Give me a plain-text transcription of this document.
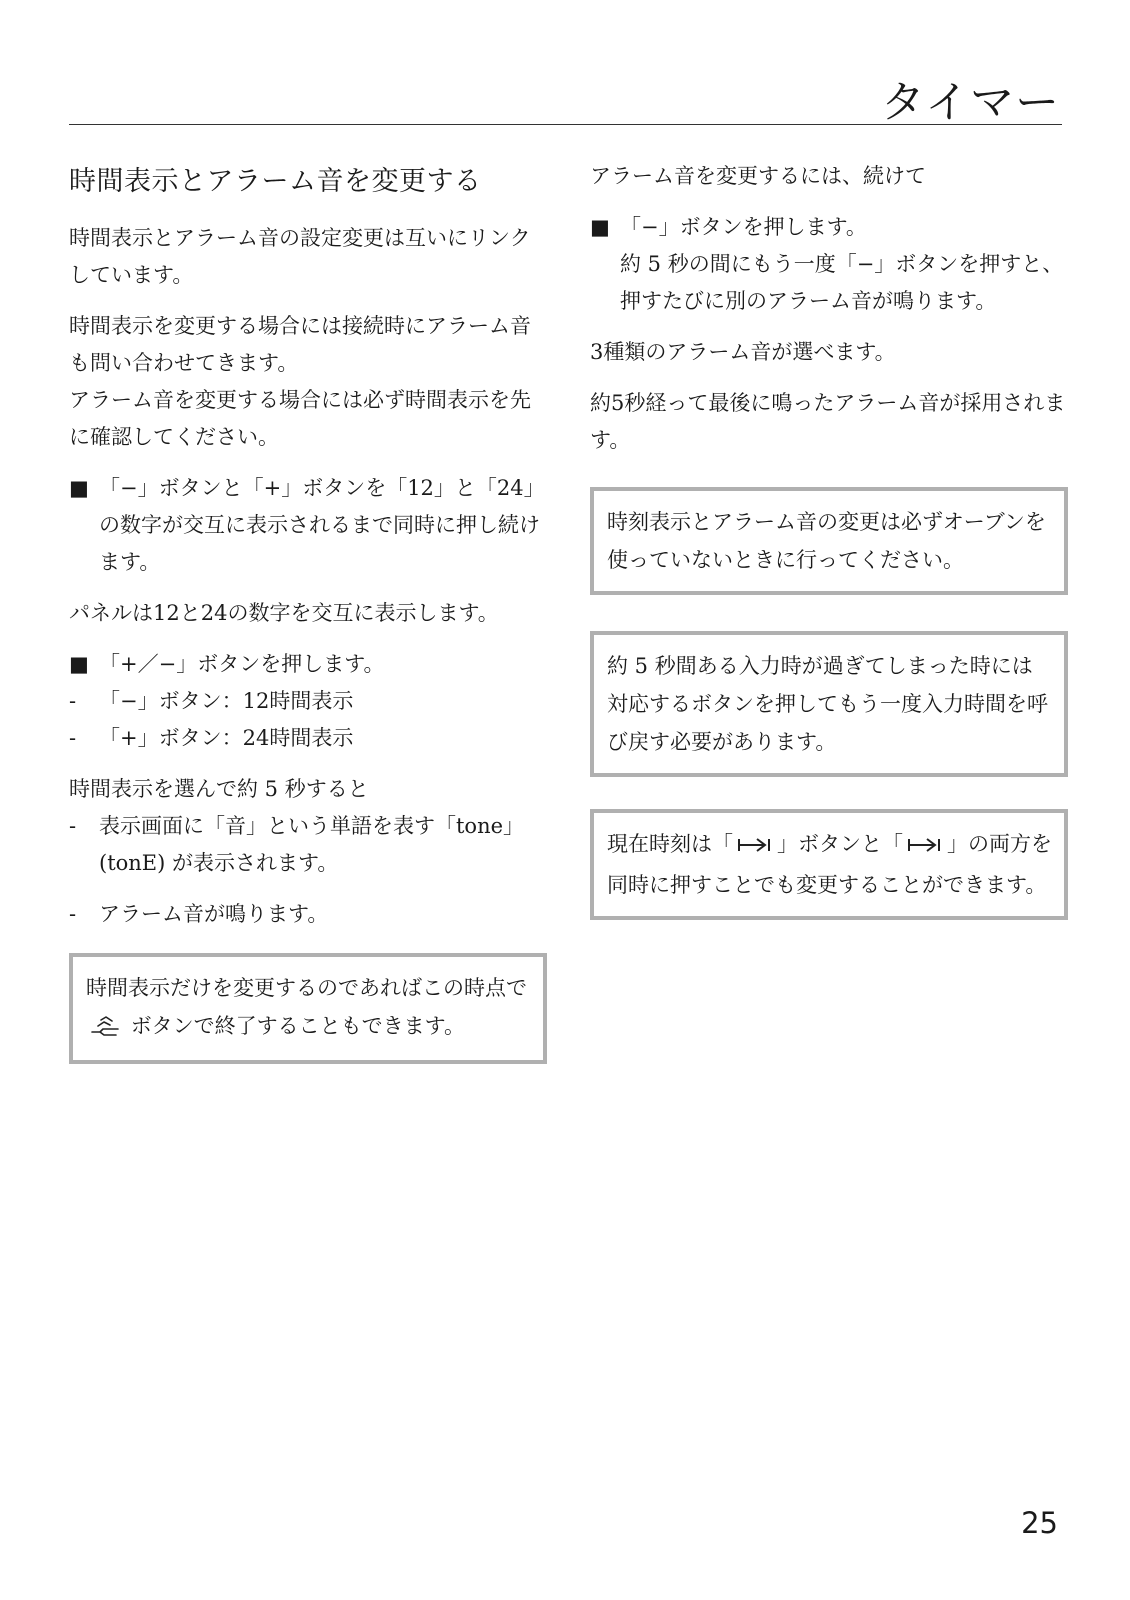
タイマー
時間表示とアラーム音を変更する

時間表示とアラーム音の設定変更は互いにリンクしています。

時間表示を変更する場合には接続時にアラーム音も問い合わせてきます。

アラーム音を変更する場合には必ず時間表示を先に確認してください。

■ 「−」ボタンと「+」ボタンを「12」と「24」の数字が交互に表示されるまで同時に押し続けます。

パネルは12と24の数字を交互に表示します。

■ 「+／−」ボタンを押します。
- 「−」ボタン：12時間表示
- 「+」ボタン：24時間表示

時間表示を選んで約 5 秒すると

- 表示画面に「音」という単語を表す「tone」(tonE) が表示されます。
- アラーム音が鳴ります。
時間表示だけを変更するのであればこの時点で  ボタンで終了することもできます。

アラーム音を変更するには、続けて

■ 「−」ボタンを押します。

約 5 秒の間にもう一度「−」ボタンを押すと、押すたびに別のアラーム音が鳴ります。

3種類のアラーム音が選べます。

約5秒経って最後に鳴ったアラーム音が採用されます。

時刻表示とアラーム音の変更は必ずオーブンを使っていないときに行ってください。
約 5 秒間ある入力時が過ぎてしまった時には対応するボタンを押してもう一度入力時間を呼び戻す必要があります。
現在時刻は「 」ボタンと「 」の両方を同時に押すことでも変更することができます。
25
